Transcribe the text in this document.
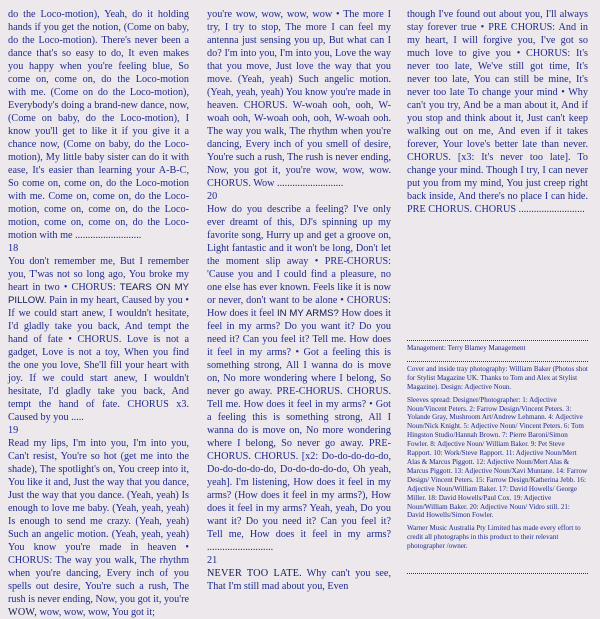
do the Loco-motion), Yeah, do it holding hands if you get the notion, (Come on baby, do the Loco-motion). There's never been a dance that's so easy to do, It even makes you happy when you're feeling blue, So come on, come on, do the Loco-motion with me. (Come on do the Loco-motion), Everybody's doing a brand-new dance, now, (Come on baby, do the Loco-motion), I know you'll get to like it if you give it a chance now, (Come on baby, do the Loco-motion), My little baby sister can do it with ease, It's easier than learning your A-B-C, So come on, come on, do the Loco-motion with me. Come on, come on, do the Loco-motion, come on, come on, do the Loco-motion, come on, come on, do the Loco-motion with me ..........................

18

You don't remember me, But I remember you, T'was not so long ago, You broke my heart in two • CHORUS: TEARS ON MY PILLOW. Pain in my heart, Caused by you • If we could start anew, I wouldn't hesitate, I'd gladly take you back, And tempt the hand of fate • CHORUS. Love is not a gadget, Love is not a toy, When you find the one you love, She'll fill your heart with joy. If we could start anew, I wouldn't hesitate, I'd gladly take you back, And tempt the hand of fate. CHORUS x3. Caused by you .....

19

Read my lips, I'm into you, I'm into you, Can't resist, You're so hot (get me into the shade), The spotlight's on, You creep into it, You like it and, Just the way that you dance, Just the way that you dance. (Yeah, yeah) Is enough to love me baby. (Yeah, yeah, yeah) Is enough to send me crazy. (Yeah, yeah) Such an angelic motion. (Yeah, yeah, yeah) You know you're made in heaven • CHORUS: The way you walk, The rhythm when you're dancing, Every inch of you spells out desire, You're such a rush, The rush is never ending, Now, you got it, you're WOW, wow, wow, wow, You got it;

you're wow, wow, wow, wow • The more I try, I try to stop, The more I can feel my antenna just sensing you up, But what can I do? I'm into you, I'm into you, Love the way that you move, Just love the way that you move. (Yeah, yeah) Such angelic motion. (Yeah, yeah, yeah) You know you're made in heaven. CHORUS. W-woah ooh, ooh, W-woah ooh, W-woah ooh, ooh, W-woah ooh. The way you walk, The rhythm when you're dancing, Every inch of you smell of desire, You're such a rush, The rush is never ending, Now, you got it, you're wow, wow, wow. CHORUS. Wow ..........................

20

How do you describe a feeling? I've only ever dreamt of this, DJ's spinning up my favorite song, Hurry up and get a groove on, Light fantastic and it won't be long, Don't let the moment slip away • PRE-CHORUS: 'Cause you and I could find a pleasure, no one else has ever known. Feels like it is now or never, don't want to be alone • CHORUS: How does it feel IN MY ARMS? How does it feel in my arms? Do you want it? Do you need it? Can you feel it? Tell me. How does it feel in my arms? • Got a feeling this is something strong, All I wanna do is move on, No more wondering where I belong, So never go away. PRE-CHORUS. CHORUS. Tell me. How does it feel in my arms? • Got a feeling this is something strong, All I wanna do is move on, No more wondering where I belong, So never go away. PRE-CHORUS. CHORUS. [x2: Do-do-do-do-do, Do-do-do-do-do, Do-do-do-do-do, Oh yeah, yeah]. I'm listening, How does it feel in my arms? (How does it feel in my arms?), How does it feel in my arms? Yeah, yeah, Do you want it? Do you need it? Can you feel it? Tell me, How does it feel in my arms? ..........................

21

NEVER TOO LATE. Why can't you see, That I'm still mad about you, Even

though I've found out about you, I'll always stay forever true • PRE CHORUS: And in my heart, I will forgive you, I've got so much love to give you • CHORUS: It's never too late, We've still got time, It's never too late, You can still be mine, It's never too late To change your mind • Why can't you try, And be a man about it, And if you stop and think about it, Just can't keep walking out on me, And even if it takes forever, Your love's better late than never. CHORUS. [x3: It's never too late]. To change your mind. Though I try, I can never put you from my mind, You just creep right back inside, And there's no place I can hide. PRE CHORUS. CHORUS ..........................

Management: Terry Blamey Management

Cover and inside tray photography: William Baker (Photos shot for Stylist Magazine UK. Thanks to Tom and Alex at Stylist Magazine). Design: Adjective Noun.

Sleeves spread: Designer/Photographer: 1: Adjective Noun/Vincent Peters. 2: Farrow Design/Vincent Peters. 3: Yolande Gray, Mushroom Art/Andrew Lehmann. 4: Adjective Noun/Nick Knight. 5: Adjective Noun/ Vincent Peters. 6: Tom Hingston Studio/Hannah Brown. 7: Pierre Baroni/Simon Fowler. 8: Adjective Noun/ William Baker. 9: Pet Steve Rapport. 10: Work/Steve Rapport. 11: Adjective Noun/Mert Alas & Marcus Piggott. 12: Adjective Noun/Mert Alas & Marcus Piggott. 13: Adjective Noun/Xavi Muntane. 14: Farrow Design/ Vincent Peters. 15: Farrow Design/Katherina Jebb. 16: Adjective Noun/William Baker. 17: David Howells/ George Miller. 18: David Howells/Paul Cox. 19: Adjective Noun/William Baker. 20: Adjective Noun/ Vidro still. 21: David Howells/Simon Fowler.

Warner Music Australia Pty Limited has made every effort to credit all photographs in this product to their relevant photographer /owner.
